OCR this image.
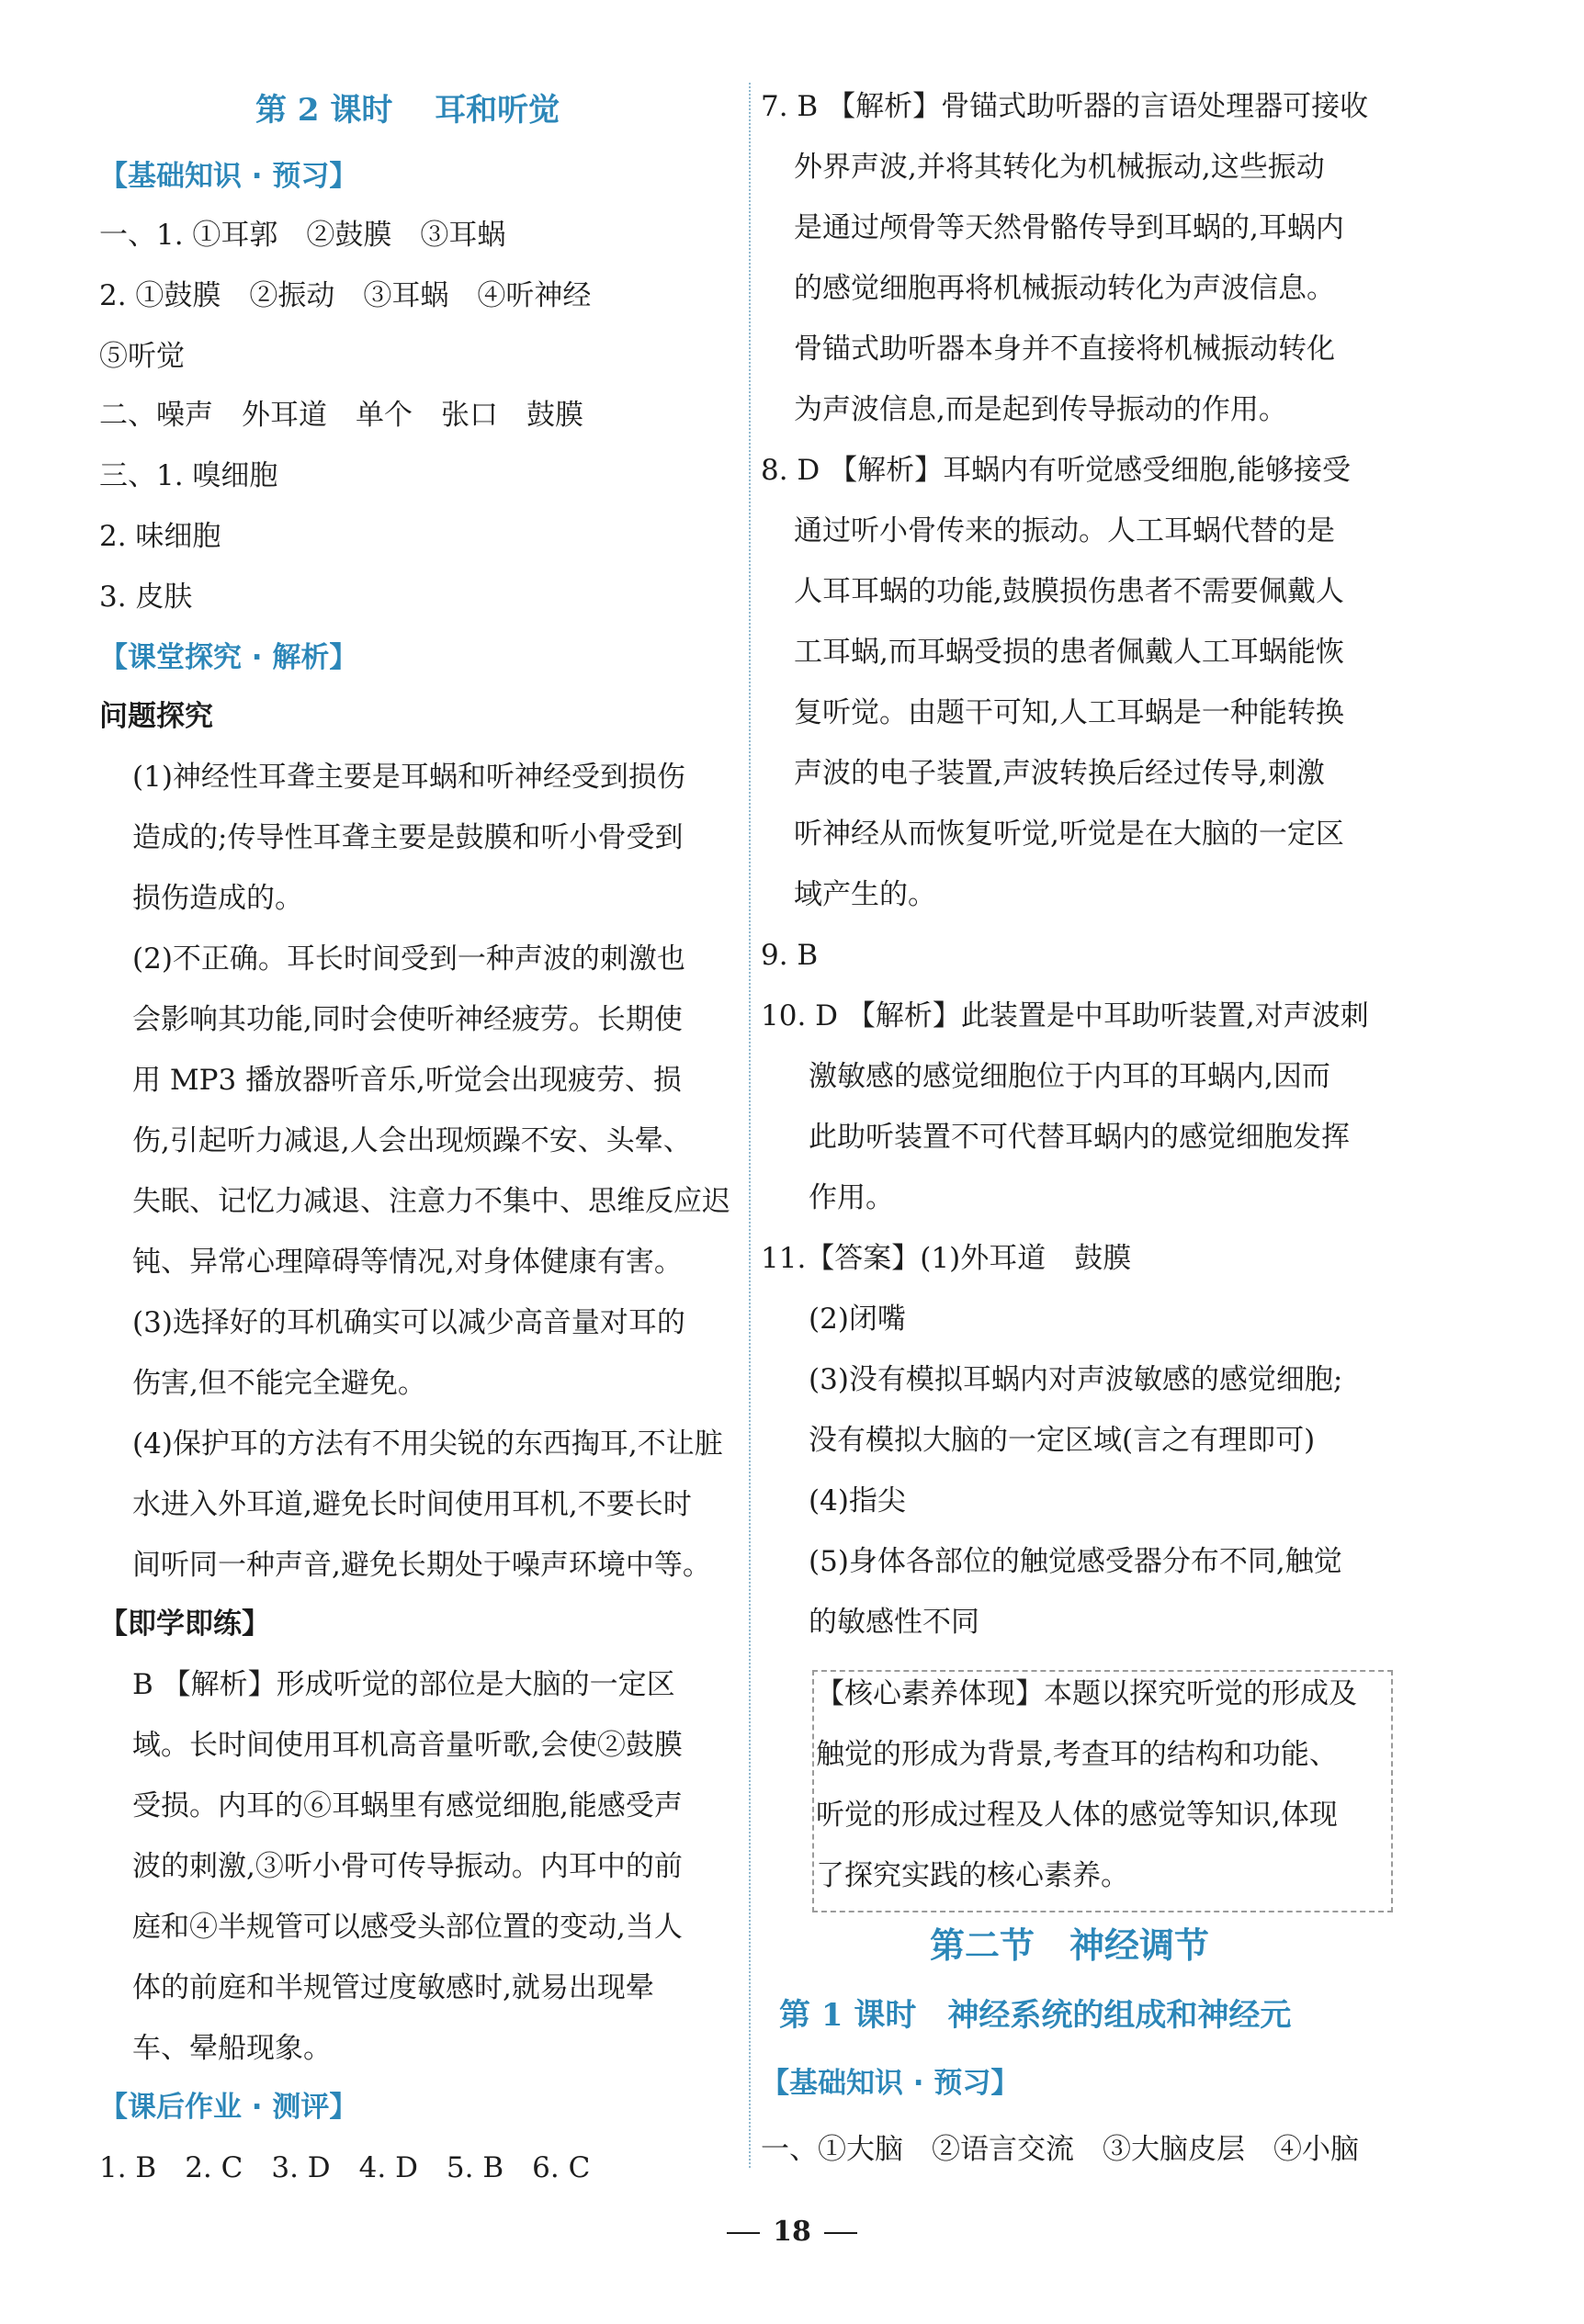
第 2 课时　 耳和听觉
【基础知识 · 预习】
一、1. ①耳郭　②鼓膜　③耳蜗
2. ①鼓膜　②振动　③耳蜗　④听神经
⑤听觉
二、噪声　外耳道　单个　张口　鼓膜
三、1. 嗅细胞
2. 味细胞
3. 皮肤
【课堂探究 · 解析】
问题探究
(1)神经性耳聋主要是耳蜗和听神经受到损伤
造成的;传导性耳聋主要是鼓膜和听小骨受到
损伤造成的。
(2)不正确。耳长时间受到一种声波的刺激也
会影响其功能,同时会使听神经疲劳。长期使
用 MP3 播放器听音乐,听觉会出现疲劳、损
伤,引起听力减退,人会出现烦躁不安、头晕、
失眠、记忆力减退、注意力不集中、思维反应迟
钝、异常心理障碍等情况,对身体健康有害。
(3)选择好的耳机确实可以减少高音量对耳的
伤害,但不能完全避免。
(4)保护耳的方法有不用尖锐的东西掏耳,不让脏
水进入外耳道,避免长时间使用耳机,不要长时
间听同一种声音,避免长期处于噪声环境中等。
【即学即练】
B 【解析】形成听觉的部位是大脑的一定区
域。长时间使用耳机高音量听歌,会使②鼓膜
受损。内耳的⑥耳蜗里有感觉细胞,能感受声
波的刺激,③听小骨可传导振动。内耳中的前
庭和④半规管可以感受头部位置的变动,当人
体的前庭和半规管过度敏感时,就易出现晕
车、晕船现象。
【课后作业 · 测评】
1. B　2. C　3. D　4. D　5. B　6. C
7. B 【解析】骨锚式助听器的言语处理器可接收
外界声波,并将其转化为机械振动,这些振动
是通过颅骨等天然骨骼传导到耳蜗的,耳蜗内
的感觉细胞再将机械振动转化为声波信息。
骨锚式助听器本身并不直接将机械振动转化
为声波信息,而是起到传导振动的作用。
8. D 【解析】耳蜗内有听觉感受细胞,能够接受
通过听小骨传来的振动。人工耳蜗代替的是
人耳耳蜗的功能,鼓膜损伤患者不需要佩戴人
工耳蜗,而耳蜗受损的患者佩戴人工耳蜗能恢
复听觉。由题干可知,人工耳蜗是一种能转换
声波的电子装置,声波转换后经过传导,刺激
听神经从而恢复听觉,听觉是在大脑的一定区
域产生的。
9. B
10. D 【解析】此装置是中耳助听装置,对声波刺
激敏感的感觉细胞位于内耳的耳蜗内,因而
此助听装置不可代替耳蜗内的感觉细胞发挥
作用。
11.【答案】(1)外耳道　鼓膜
(2)闭嘴
(3)没有模拟耳蜗内对声波敏感的感觉细胞;
没有模拟大脑的一定区域(言之有理即可)
(4)指尖
(5)身体各部位的触觉感受器分布不同,触觉
的敏感性不同
【核心素养体现】本题以探究听觉的形成及
触觉的形成为背景,考查耳的结构和功能、
听觉的形成过程及人体的感觉等知识,体现
了探究实践的核心素养。
第二节　神经调节
第 1 课时　神经系统的组成和神经元
【基础知识 · 预习】
一、①大脑　②语言交流　③大脑皮层　④小脑
18
